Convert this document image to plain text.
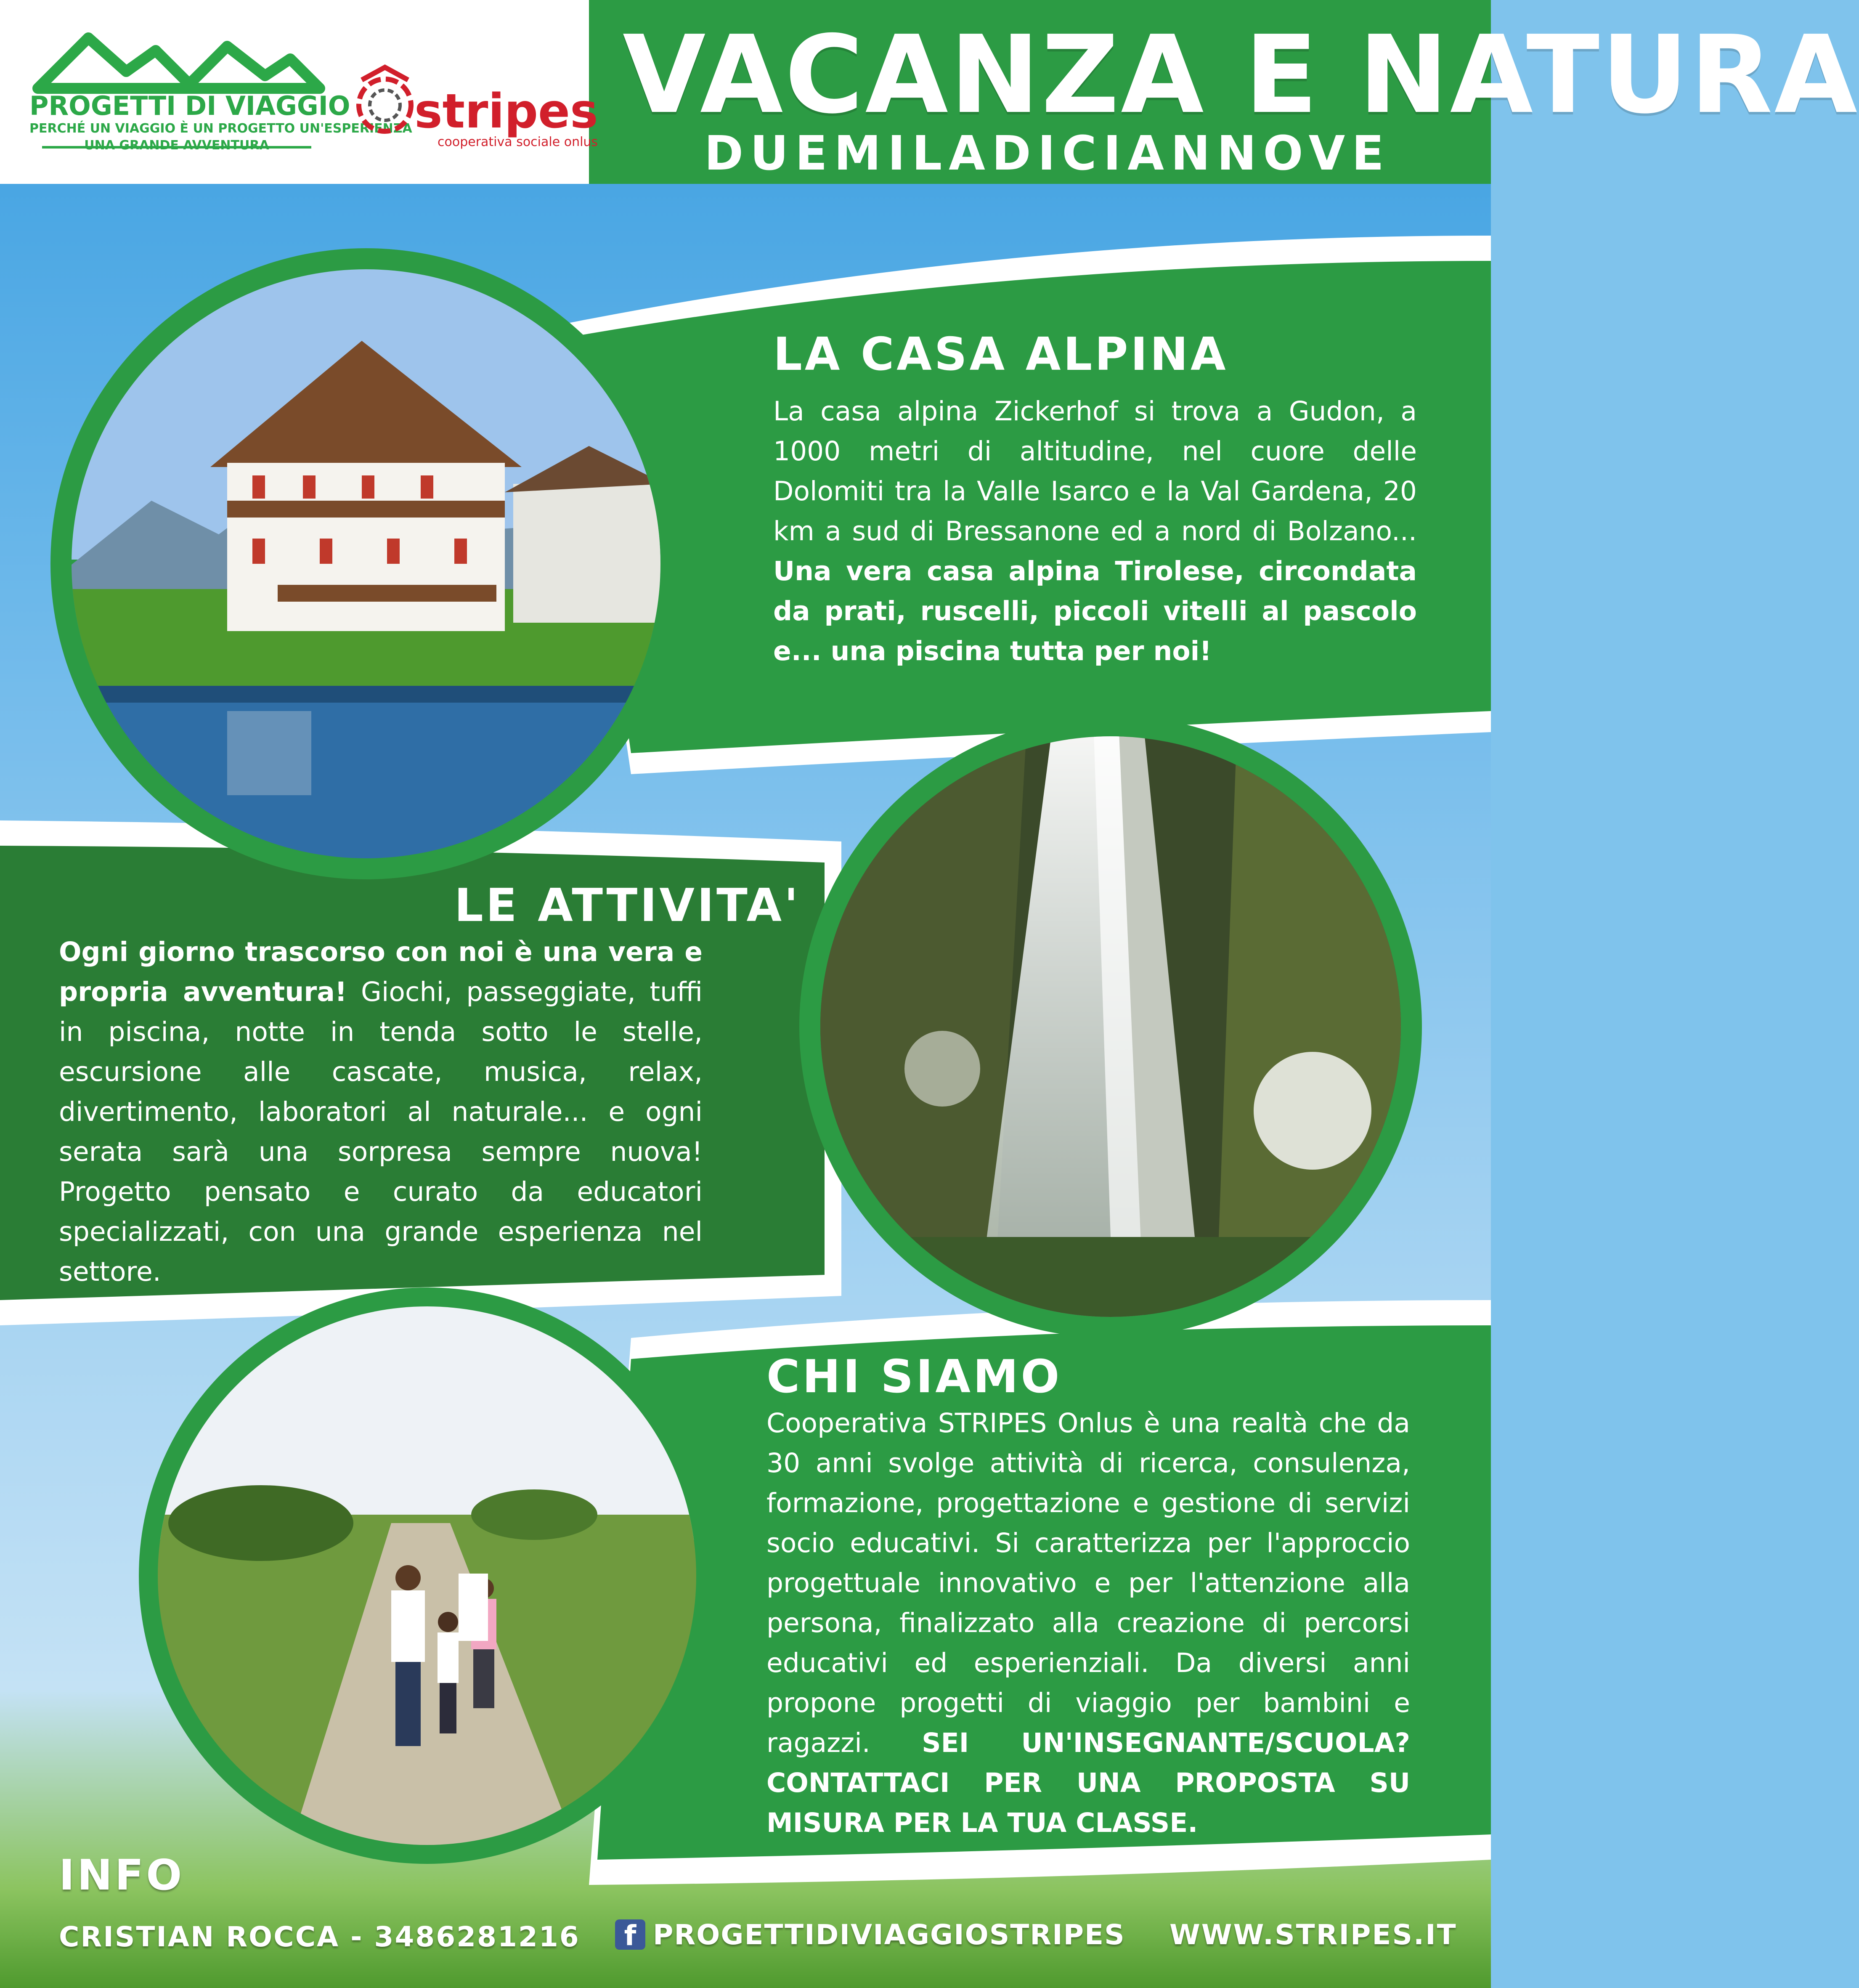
PROGETTI DI VIAGGIO
PERCHÉ UN VIAGGIO È UN PROGETTO UN'ESPERIENZA
UNA GRANDE AVVENTURA
stripes
cooperativa sociale onlus
VACANZA E NATURA
DUEMILADICIANNOVE
LA CASA ALPINA
La casa alpina Zickerhof si trova a Gudon, a 1000 metri di altitudine, nel cuore delle Dolomiti tra la Valle Isarco e la Val Gardena, 20 km a sud di Bressanone ed a nord di Bolzano... Una vera casa alpina Tirolese, circondata da prati, ruscelli, piccoli vitelli al pascolo e... una piscina tutta per noi!
LE ATTIVITA'
Ogni giorno trascorso con noi è una vera e propria avventura! Giochi, passeggiate, tuffi in piscina, notte in tenda sotto le stelle, escursione alle cascate, musica, relax, divertimento, laboratori al naturale... e ogni serata sarà una sorpresa sempre nuova! Progetto pensato e curato da educatori specializzati, con una grande esperienza nel settore.
CHI SIAMO
Cooperativa STRIPES Onlus è una realtà che da 30 anni svolge attività di ricerca, consulenza, formazione, progettazione e gestione di servizi socio educativi. Si caratterizza per l'approccio progettuale innovativo e per l'attenzione alla persona, finalizzato alla creazione di percorsi educativi ed esperienziali. Da diversi anni propone progetti di viaggio per bambini e ragazzi. SEI UN'INSEGNANTE/SCUOLA? CONTATTACI PER UNA PROPOSTA SU MISURA PER LA TUA CLASSE.
INFO
CRISTIAN ROCCA - 3486281216	f PROGETTIDIVIAGGIOSTRIPES WWW.STRIPES.IT
